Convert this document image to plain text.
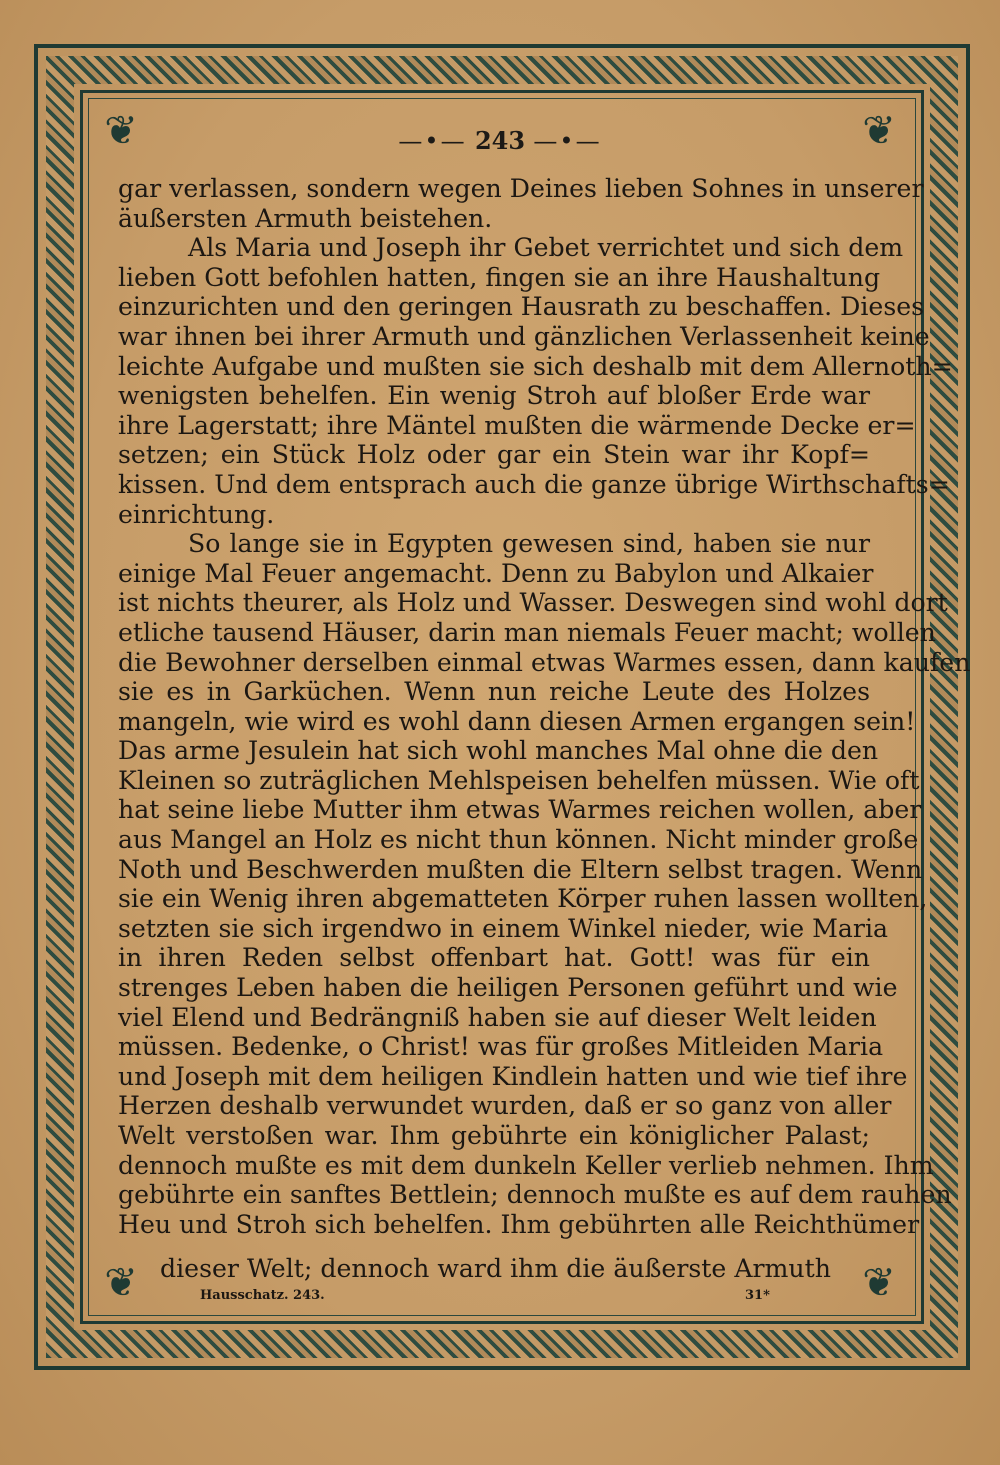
❦	❦
❦	❦
—•— 243 —•—
gar verlassen, sondern wegen Deines lieben Sohnes in unserer
äußersten Armuth beistehen.
Als Maria und Joseph ihr Gebet verrichtet und sich dem
lieben Gott befohlen hatten, fingen sie an ihre Haushaltung
einzurichten und den geringen Hausrath zu beschaffen. Dieses
war ihnen bei ihrer Armuth und gänzlichen Verlassenheit keine
leichte Aufgabe und mußten sie sich deshalb mit dem Allernoth=
wenigsten behelfen. Ein wenig Stroh auf bloßer Erde war
ihre Lagerstatt; ihre Mäntel mußten die wärmende Decke er=
setzen; ein Stück Holz oder gar ein Stein war ihr Kopf=
kissen. Und dem entsprach auch die ganze übrige Wirthschafts=
einrichtung.
So lange sie in Egypten gewesen sind, haben sie nur
einige Mal Feuer angemacht. Denn zu Babylon und Alkaier
ist nichts theurer, als Holz und Wasser. Deswegen sind wohl dort
etliche tausend Häuser, darin man niemals Feuer macht; wollen
die Bewohner derselben einmal etwas Warmes essen, dann kaufen
sie es in Garküchen. Wenn nun reiche Leute des Holzes
mangeln, wie wird es wohl dann diesen Armen ergangen sein!
Das arme Jesulein hat sich wohl manches Mal ohne die den
Kleinen so zuträglichen Mehlspeisen behelfen müssen. Wie oft
hat seine liebe Mutter ihm etwas Warmes reichen wollen, aber
aus Mangel an Holz es nicht thun können. Nicht minder große
Noth und Beschwerden mußten die Eltern selbst tragen. Wenn
sie ein Wenig ihren abgematteten Körper ruhen lassen wollten,
setzten sie sich irgendwo in einem Winkel nieder, wie Maria
in ihren Reden selbst offenbart hat. Gott! was für ein
strenges Leben haben die heiligen Personen geführt und wie
viel Elend und Bedrängniß haben sie auf dieser Welt leiden
müssen. Bedenke, o Christ! was für großes Mitleiden Maria
und Joseph mit dem heiligen Kindlein hatten und wie tief ihre
Herzen deshalb verwundet wurden, daß er so ganz von aller
Welt verstoßen war. Ihm gebührte ein königlicher Palast;
dennoch mußte es mit dem dunkeln Keller verlieb nehmen. Ihm
gebührte ein sanftes Bettlein; dennoch mußte es auf dem rauhen
Heu und Stroh sich behelfen. Ihm gebührten alle Reichthümer
dieser Welt; dennoch ward ihm die äußerste Armuth
Hausschatz. 243.	31*
